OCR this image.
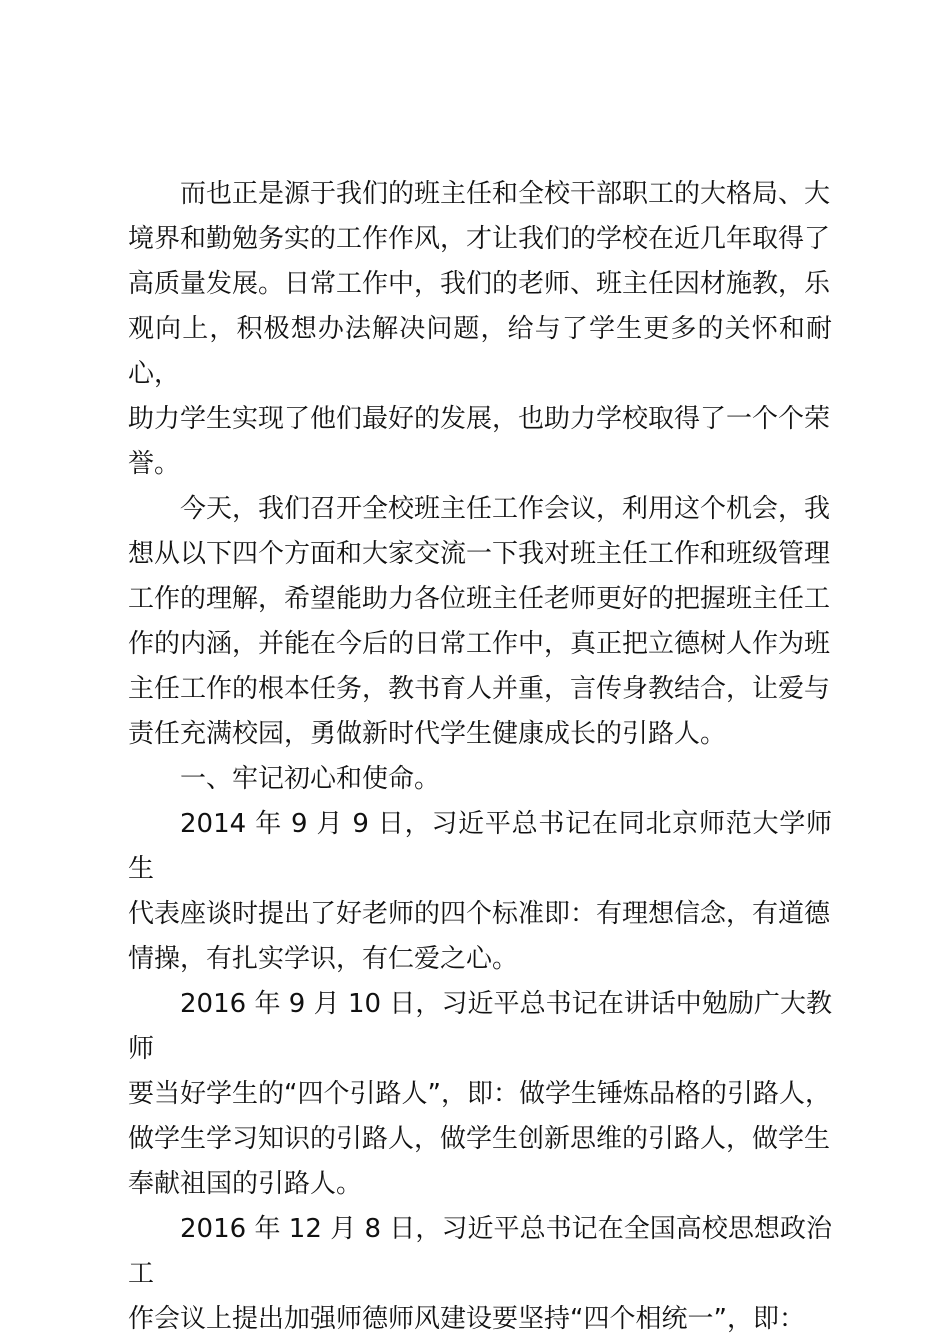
而也正是源于我们的班主任和全校干部职工的大格局、大
境界和勤勉务实的工作作风，才让我们的学校在近几年取得了
高质量发展。日常工作中，我们的老师、班主任因材施教，乐
观向上，积极想办法解决问题，给与了学生更多的关怀和耐心，
助力学生实现了他们最好的发展，也助力学校取得了一个个荣
誉。

今天，我们召开全校班主任工作会议，利用这个机会，我
想从以下四个方面和大家交流一下我对班主任工作和班级管理
工作的理解，希望能助力各位班主任老师更好的把握班主任工
作的内涵，并能在今后的日常工作中，真正把立德树人作为班
主任工作的根本任务，教书育人并重，言传身教结合，让爱与
责任充满校园，勇做新时代学生健康成长的引路人。

一、牢记初心和使命。

2014 年 9 月 9 日，习近平总书记在同北京师范大学师生
代表座谈时提出了好老师的四个标准即：有理想信念，有道德
情操，有扎实学识，有仁爱之心。

2016 年 9 月 10 日，习近平总书记在讲话中勉励广大教师
要当好学生的“四个引路人”，即：做学生锤炼品格的引路人，
做学生学习知识的引路人，做学生创新思维的引路人，做学生
奉献祖国的引路人。

2016 年 12 月 8 日，习近平总书记在全国高校思想政治工
作会议上提出加强师德师风建设要坚持“四个相统一”，即：
